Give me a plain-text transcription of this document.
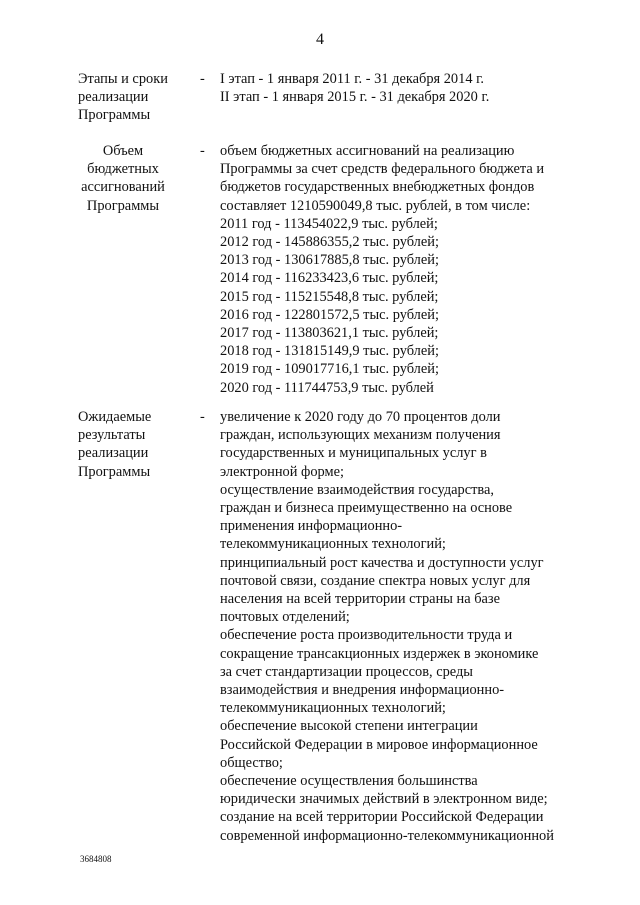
4
Этапы и сроки
реализации
Программы
- I этап - 1 января 2011 г. - 31 декабря 2014 г.
II этап - 1 января 2015 г. - 31 декабря 2020 г.
Объем
бюджетных
ассигнований
Программы
- объем бюджетных ассигнований на реализацию
Программы за счет средств федерального бюджета и
бюджетов государственных внебюджетных фондов
составляет 1210590049,8 тыс. рублей, в том числе:
2011 год - 113454022,9 тыс. рублей;
2012 год - 145886355,2 тыс. рублей;
2013 год - 130617885,8 тыс. рублей;
2014 год - 116233423,6 тыс. рублей;
2015 год - 115215548,8 тыс. рублей;
2016 год - 122801572,5 тыс. рублей;
2017 год - 113803621,1 тыс. рублей;
2018 год - 131815149,9 тыс. рублей;
2019 год - 109017716,1 тыс. рублей;
2020 год - 111744753,9 тыс. рублей
Ожидаемые
результаты
реализации
Программы
- увеличение к 2020 году до 70 процентов доли
граждан, использующих механизм получения
государственных и муниципальных услуг в
электронной форме;
осуществление взаимодействия государства,
граждан и бизнеса преимущественно на основе
применения информационно-
телекоммуникационных технологий;
принципиальный рост качества и доступности услуг
почтовой связи, создание спектра новых услуг для
населения на всей территории страны на базе
почтовых отделений;
обеспечение роста производительности труда и
сокращение трансакционных издержек в экономике
за счет стандартизации процессов, среды
взаимодействия и внедрения информационно-
телекоммуникационных технологий;
обеспечение высокой степени интеграции
Российской Федерации в мировое информационное
общество;
обеспечение осуществления большинства
юридически значимых действий в электронном виде;
создание на всей территории Российской Федерации
современной информационно-телекоммуникационной
3684808
